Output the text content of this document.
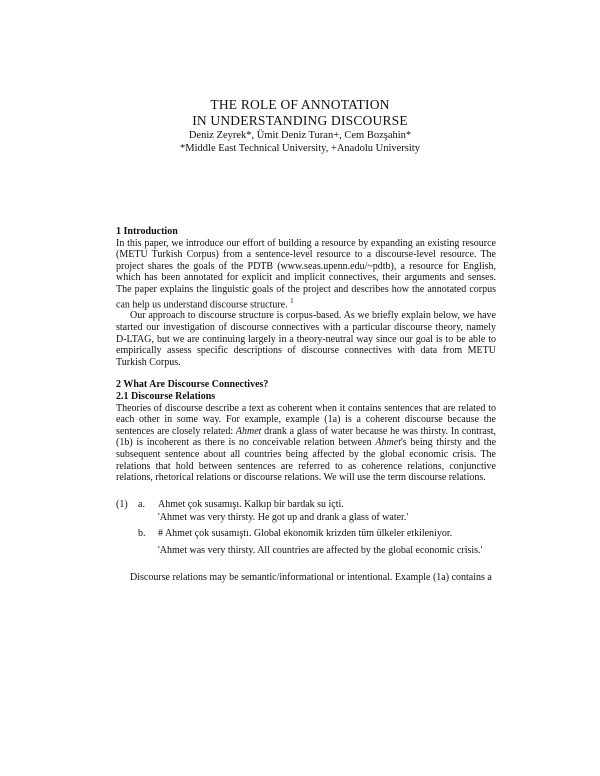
THE ROLE OF ANNOTATION
IN UNDERSTANDING DISCOURSE
Deniz Zeyrek*, Ümit Deniz Turan+, Cem Bozşahin*
*Middle East Technical University, +Anadolu University
1 Introduction

In this paper, we introduce our effort of building a resource by expanding an existing resource (METU Turkish Corpus) from a sentence-level resource to a discourse-level resource. The project shares the goals of the PDTB (www.seas.upenn.edu/~pdtb), a resource for English, which has been annotated for explicit and implicit connectives, their arguments and senses. The paper explains the linguistic goals of the project and describes how the annotated corpus can help us understand discourse structure. $^1$

Our approach to discourse structure is corpus-based. As we briefly explain below, we have started our investigation of discourse connectives with a particular discourse theory, namely D-LTAG, but we are continuing largely in a theory-neutral way since our goal is to be able to empirically assess specific descriptions of discourse connectives with data from METU Turkish Corpus.

2 What Are Discourse Connectives?
2.1 Discourse Relations

Theories of discourse describe a text as coherent when it contains sentences that are related to each other in some way. For example, example (1a) is a coherent discourse because the sentences are closely related: Ahmet drank a glass of water because he was thirsty. In contrast, (1b) is incoherent as there is no conceivable relation between Ahmet's being thirsty and the subsequent sentence about all countries being affected by the global economic crisis. The relations that hold between sentences are referred to as coherence relations, conjunctive relations, rhetorical relations or discourse relations. We will use the term discourse relations.

(1) a. Ahmet çok susamışı. Kalkıp bir bardak su içti.
'Ahmet was very thirsty. He got up and drank a glass of water.'
b. # Ahmet çok susamıştı. Global ekonomik krizden tüm ülkeler etkileniyor.
'Ahmet was very thirsty. All countries are affected by the global economic crisis.'

Discourse relations may be semantic/informational or intentional. Example (1a) contains a
